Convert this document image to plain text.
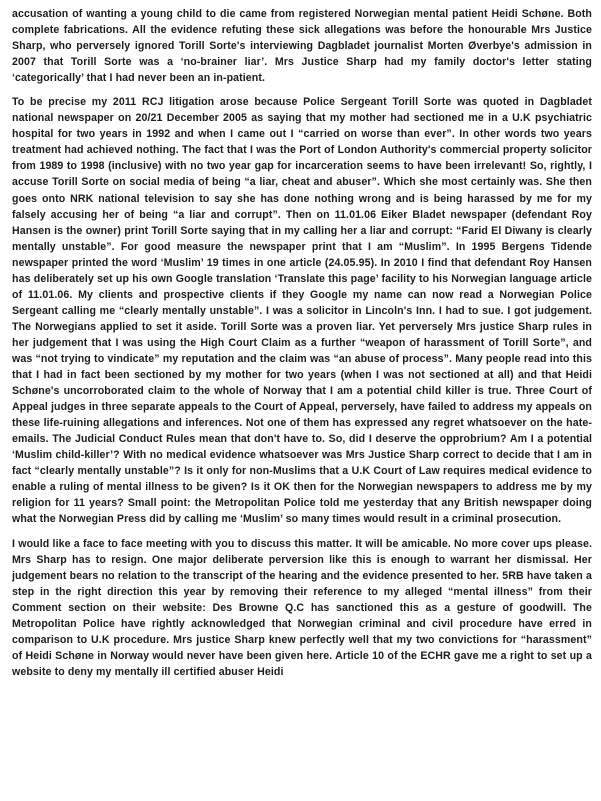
accusation of wanting a young child to die came from registered Norwegian mental patient Heidi Schøne. Both complete fabrications. All the evidence refuting these sick allegations was before the honourable Mrs Justice Sharp, who perversely ignored Torill Sorte's interviewing Dagbladet journalist Morten Øverbye's admission in 2007 that Torill Sorte was a ‘no-brainer liar’. Mrs Justice Sharp had my family doctor's letter stating ‘categorically’ that I had never been an in-patient.

To be precise my 2011 RCJ litigation arose because Police Sergeant Torill Sorte was quoted in Dagbladet national newspaper on 20/21 December 2005 as saying that my mother had sectioned me in a U.K psychiatric hospital for two years in 1992 and when I came out I “carried on worse than ever”. In other words two years treatment had achieved nothing. The fact that I was the Port of London Authority's commercial property solicitor from 1989 to 1998 (inclusive) with no two year gap for incarceration seems to have been irrelevant! So, rightly, I accuse Torill Sorte on social media of being “a liar, cheat and abuser”. Which she most certainly was. She then goes onto NRK national television to say she has done nothing wrong and is being harassed by me for my falsely accusing her of being “a liar and corrupt”. Then on 11.01.06 Eiker Bladet newspaper (defendant Roy Hansen is the owner) print Torill Sorte saying that in my calling her a liar and corrupt: “Farid El Diwany is clearly mentally unstable”. For good measure the newspaper print that I am “Muslim”. In 1995 Bergens Tidende newspaper printed the word ‘Muslim’ 19 times in one article (24.05.95). In 2010 I find that defendant Roy Hansen has deliberately set up his own Google translation ‘Translate this page’ facility to his Norwegian language article of 11.01.06. My clients and prospective clients if they Google my name can now read a Norwegian Police Sergeant calling me “clearly mentally unstable”. I was a solicitor in Lincoln's Inn. I had to sue. I got judgement. The Norwegians applied to set it aside. Torill Sorte was a proven liar. Yet perversely Mrs justice Sharp rules in her judgement that I was using the High Court Claim as a further “weapon of harassment of Torill Sorte”, and was “not trying to vindicate” my reputation and the claim was “an abuse of process”. Many people read into this that I had in fact been sectioned by my mother for two years (when I was not sectioned at all) and that Heidi Schøne's uncorroborated claim to the whole of Norway that I am a potential child killer is true. Three Court of Appeal judges in three separate appeals to the Court of Appeal, perversely, have failed to address my appeals on these life-ruining allegations and inferences. Not one of them has expressed any regret whatsoever on the hate-emails. The Judicial Conduct Rules mean that don't have to. So, did I deserve the opprobrium? Am I a potential ‘Muslim child-killer’? With no medical evidence whatsoever was Mrs Justice Sharp correct to decide that I am in fact “clearly mentally unstable”? Is it only for non-Muslims that a U.K Court of Law requires medical evidence to enable a ruling of mental illness to be given? Is it OK then for the Norwegian newspapers to address me by my religion for 11 years? Small point: the Metropolitan Police told me yesterday that any British newspaper doing what the Norwegian Press did by calling me ‘Muslim’ so many times would result in a criminal prosecution.

I would like a face to face meeting with you to discuss this matter. It will be amicable. No more cover ups please. Mrs Sharp has to resign. One major deliberate perversion like this is enough to warrant her dismissal. Her judgement bears no relation to the transcript of the hearing and the evidence presented to her. 5RB have taken a step in the right direction this year by removing their reference to my alleged “mental illness” from their Comment section on their website: Des Browne Q.C has sanctioned this as a gesture of goodwill. The Metropolitan Police have rightly acknowledged that Norwegian criminal and civil procedure have erred in comparison to U.K procedure. Mrs justice Sharp knew perfectly well that my two convictions for “harassment” of Heidi Schøne in Norway would never have been given here. Article 10 of the ECHR gave me a right to set up a website to deny my mentally ill certified abuser Heidi
